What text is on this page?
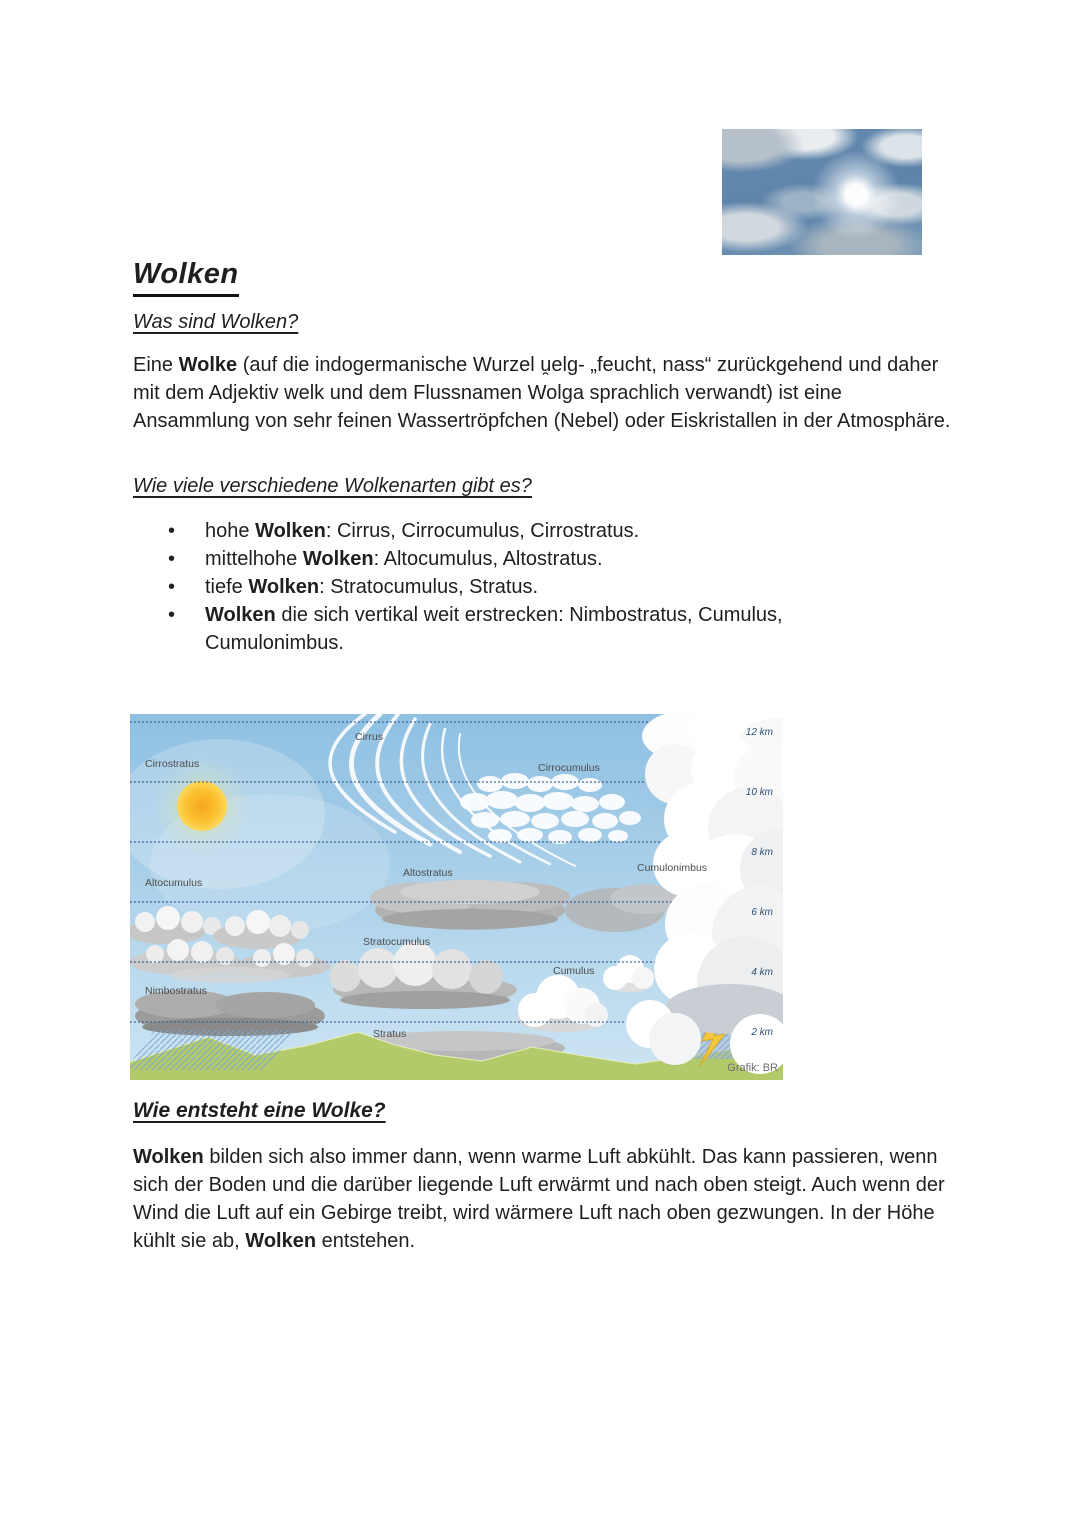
Wolken
Was sind Wolken?
Eine Wolke (auf die indogermanische Wurzel u̯elg- „feucht, nass“ zurückgehend und daher mit dem Adjektiv welk und dem Flussnamen Wolga sprachlich verwandt) ist eine Ansammlung von sehr feinen Wassertröpfchen (Nebel) oder Eiskristallen in der Atmosphäre.
Wie viele verschiedene Wolkenarten gibt es?
• hohe Wolken: Cirrus, Cirrocumulus, Cirrostratus.
• mittelhohe Wolken: Altocumulus, Altostratus.
• tiefe Wolken: Stratocumulus, Stratus.
• Wolken die sich vertikal weit erstrecken: Nimbostratus, Cumulus, Cumulonimbus.
12 km
10 km
8 km
6 km
4 km
2 km
Cirrus
Cirrostratus	Cirrocumulus
Altocumulus
Altostratus	Cumulonimbus
Stratocumulus
Cumulus
Nimbostratus
Stratus
Grafik: BR
Wie entsteht eine Wolke?
Wolken bilden sich also immer dann, wenn warme Luft abkühlt. Das kann passieren, wenn sich der Boden und die darüber liegende Luft erwärmt und nach oben steigt. Auch wenn der Wind die Luft auf ein Gebirge treibt, wird wärmere Luft nach oben gezwungen. In der Höhe kühlt sie ab, Wolken entstehen.
